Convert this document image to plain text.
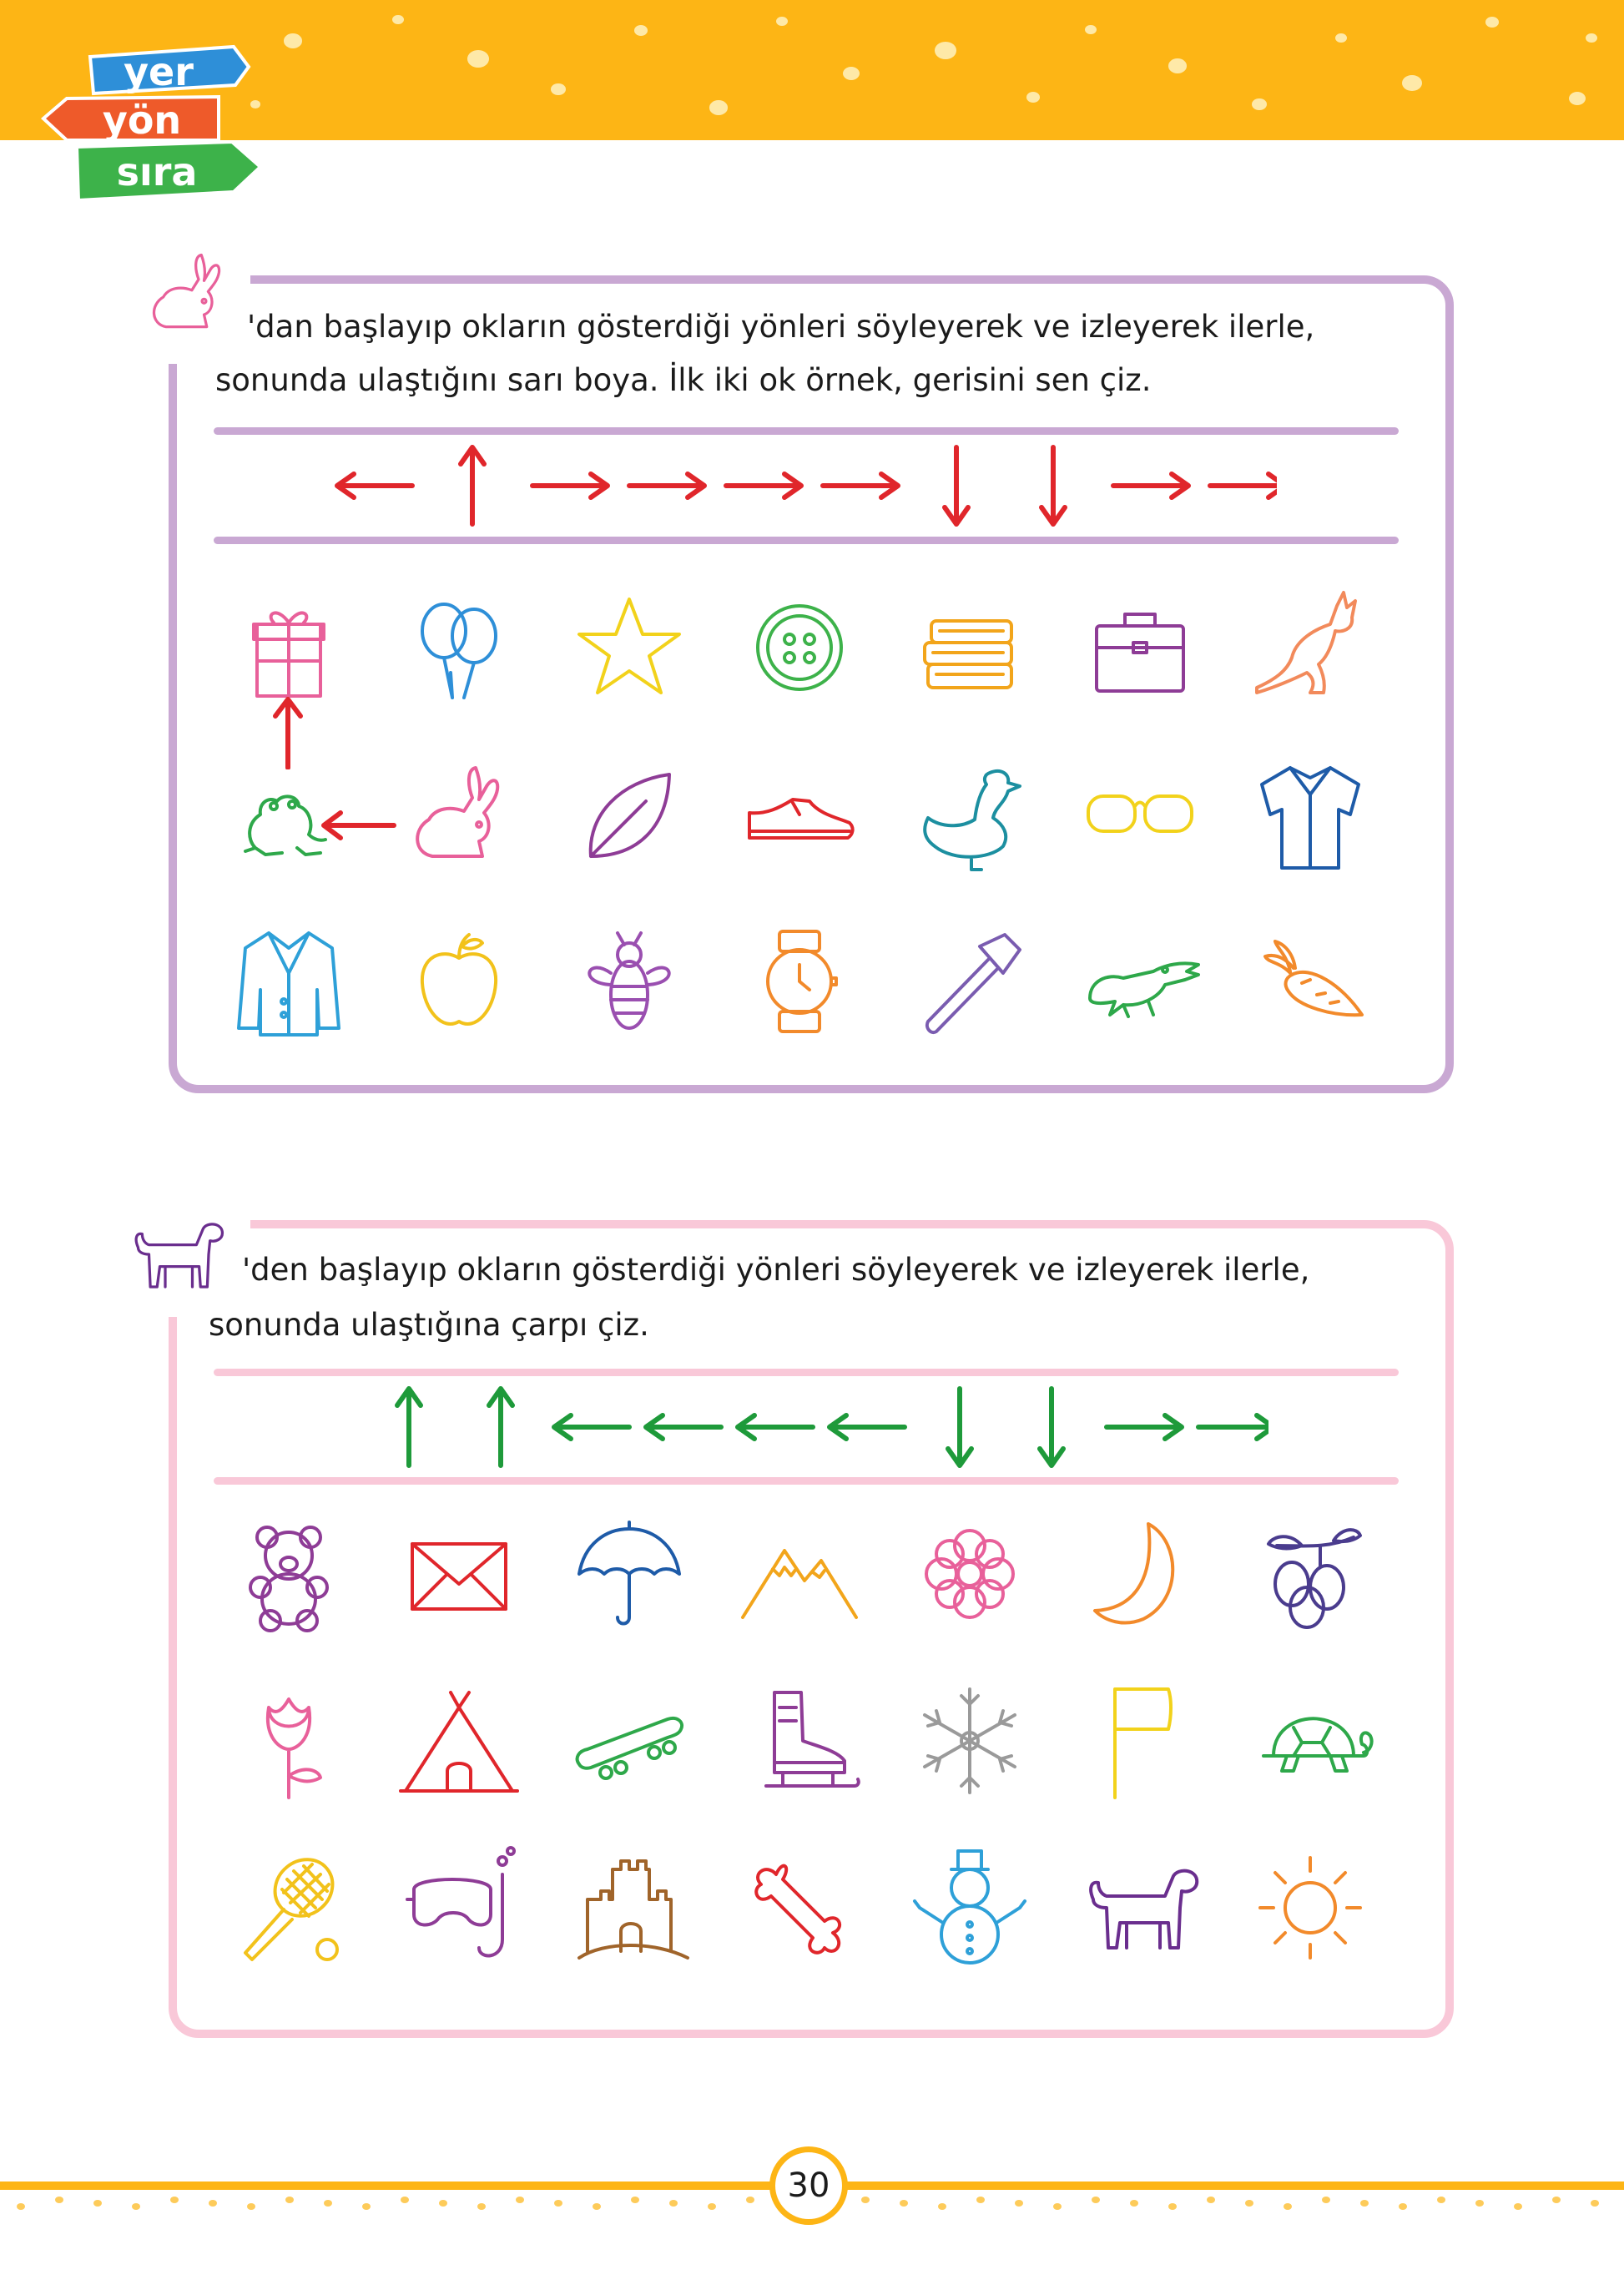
yer
yön
sıra
'dan başlayıp okların gösterdiği yönleri söyleyerek ve izleyerek ilerle,
sonunda ulaştığını sarı boya. İlk iki ok örnek, gerisini sen çiz.
'den başlayıp okların gösterdiği yönleri söyleyerek ve izleyerek ilerle,
sonunda ulaştığına çarpı çiz.
30
